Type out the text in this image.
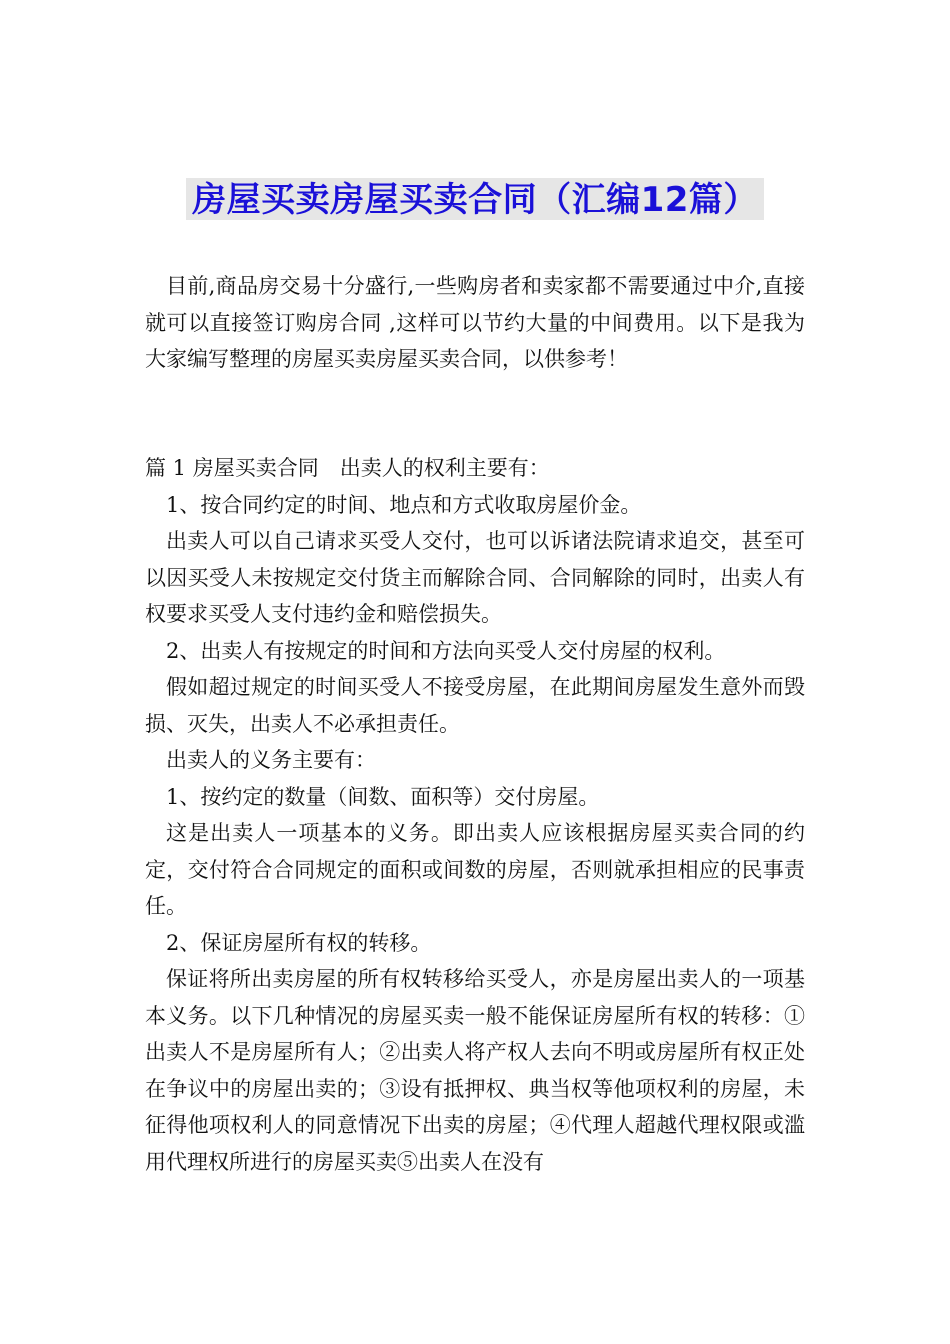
房屋买卖房屋买卖合同（汇编12篇）

目前,商品房交易十分盛行,一些购房者和卖家都不需要通过中介,直接就可以直接签订购房合同 ,这样可以节约大量的中间费用。以下是我为大家编写整理的房屋买卖房屋买卖合同，以供参考！

篇 1 房屋买卖合同　出卖人的权利主要有：

1、按合同约定的时间、地点和方式收取房屋价金。

出卖人可以自己请求买受人交付，也可以诉诸法院请求追交，甚至可以因买受人未按规定交付货主而解除合同、合同解除的同时，出卖人有权要求买受人支付违约金和赔偿损失。

2、出卖人有按规定的时间和方法向买受人交付房屋的权利。

假如超过规定的时间买受人不接受房屋，在此期间房屋发生意外而毁损、灭失，出卖人不必承担责任。

出卖人的义务主要有：

1、按约定的数量（间数、面积等）交付房屋。

这是出卖人一项基本的义务。即出卖人应该根据房屋买卖合同的约定，交付符合合同规定的面积或间数的房屋，否则就承担相应的民事责任。

2、保证房屋所有权的转移。

保证将所出卖房屋的所有权转移给买受人，亦是房屋出卖人的一项基本义务。以下几种情况的房屋买卖一般不能保证房屋所有权的转移：①出卖人不是房屋所有人；②出卖人将产权人去向不明或房屋所有权正处在争议中的房屋出卖的；③设有抵押权、典当权等他项权利的房屋，未征得他项权利人的同意情况下出卖的房屋；④代理人超越代理权限或滥用代理权所进行的房屋买卖⑤出卖人在没有
